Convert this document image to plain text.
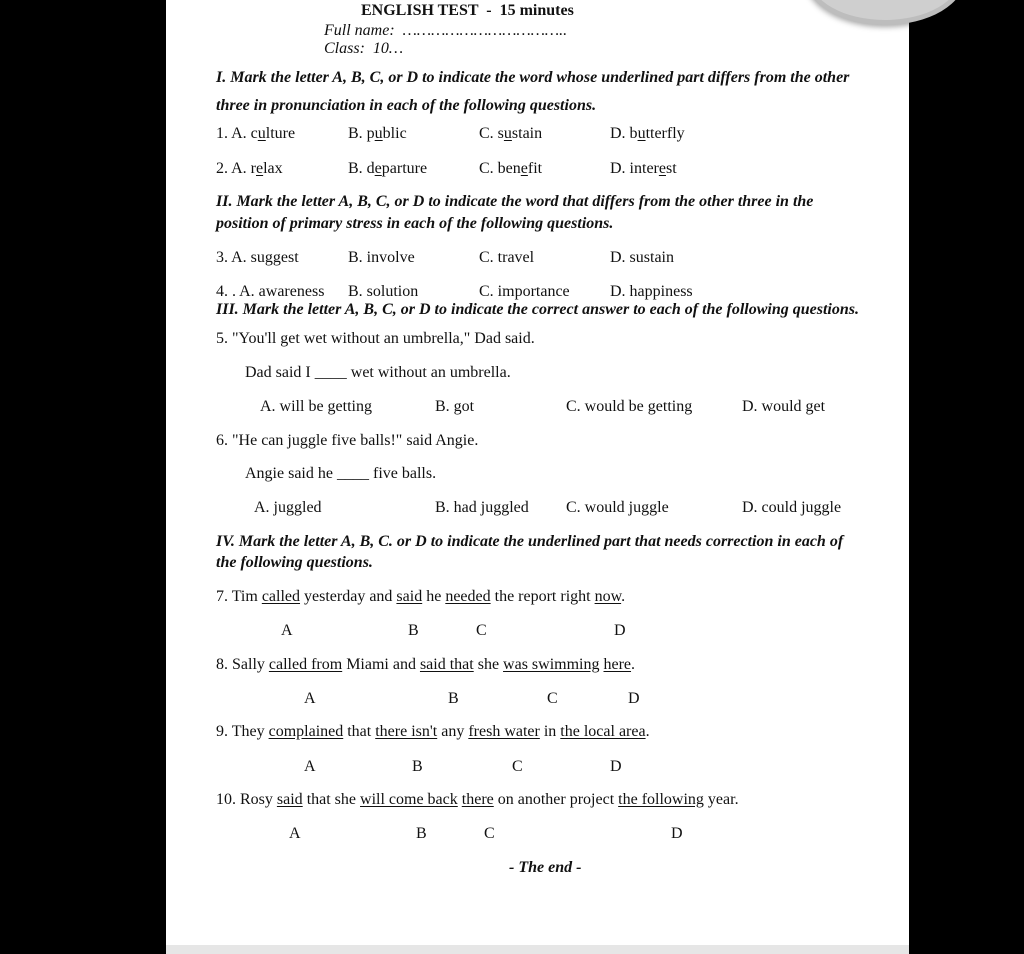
ENGLISH TEST - 15 minutes
Full name: ……………………………..
Class: 10…
I. Mark the letter A, B, C, or D to indicate the word whose underlined part differs from the other
three in pronunciation in each of the following questions.
1. A. culture	B. public	C. sustain	D. butterfly
2. A. relax	B. departure	C. benefit	D. interest
II. Mark the letter A, B, C, or D to indicate the word that differs from the other three in the
position of primary stress in each of the following questions.
3. A. suggest	B. involve	C. travel	D. sustain
4. . A. awareness B. solution	C. importance	D. happiness
III. Mark the letter A, B, C, or D to indicate the correct answer to each of the following questions.
5. "You'll get wet without an umbrella," Dad said.
Dad said I ____ wet without an umbrella.
A. will be getting	B. got	C. would be getting	D. would get
6. "He can juggle five balls!" said Angie.
Angie said he ____ five balls.
A. juggled	B. had juggled C. would juggle	D. could juggle
IV. Mark the letter A, B, C. or D to indicate the underlined part that needs correction in each of
the following questions.
7. Tim called yesterday and said he needed the report right now.
A	B	C	D
8. Sally called from Miami and said that she was swimming here.
A	B	C	D
9. They complained that there isn't any fresh water in the local area.
A	B	C	D
10. Rosy said that she will come back there on another project the following year.
A	B	C	D
- The end -
